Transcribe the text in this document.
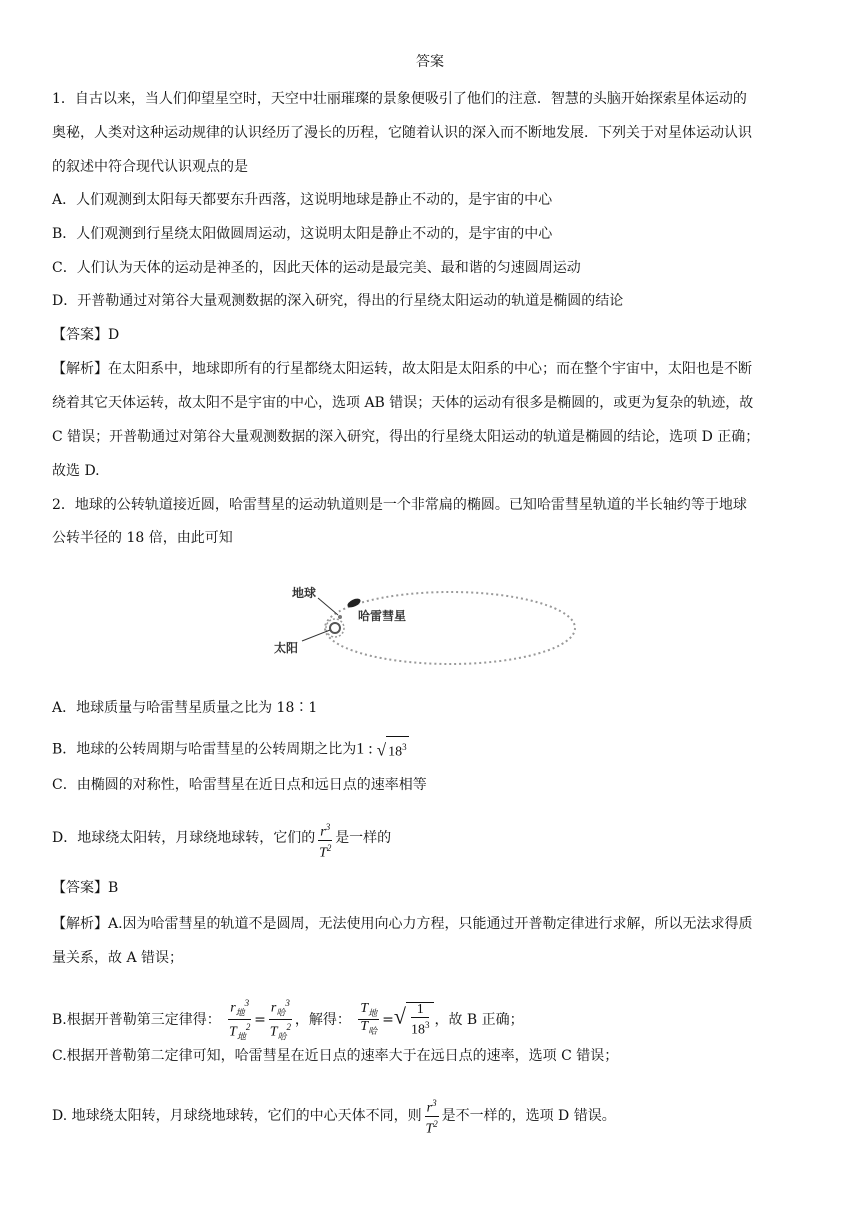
答案
1．自古以来，当人们仰望星空时，天空中壮丽璀璨的景象便吸引了他们的注意．智慧的头脑开始探索星体运动的
奥秘，人类对这种运动规律的认识经历了漫长的历程，它随着认识的深入而不断地发展．下列关于对星体运动认识
的叙述中符合现代认识观点的是
A．人们观测到太阳每天都要东升西落，这说明地球是静止不动的，是宇宙的中心
B．人们观测到行星绕太阳做圆周运动，这说明太阳是静止不动的，是宇宙的中心
C．人们认为天体的运动是神圣的，因此天体的运动是最完美、最和谐的匀速圆周运动
D．开普勒通过对第谷大量观测数据的深入研究，得出的行星绕太阳运动的轨道是椭圆的结论
【答案】D
【解析】在太阳系中，地球即所有的行星都绕太阳运转，故太阳是太阳系的中心；而在整个宇宙中，太阳也是不断
绕着其它天体运转，故太阳不是宇宙的中心，选项 AB 错误；天体的运动有很多是椭圆的，或更为复杂的轨迹，故
C 错误；开普勒通过对第谷大量观测数据的深入研究，得出的行星绕太阳运动的轨道是椭圆的结论，选项 D 正确；
故选 D.
2．地球的公转轨道接近圆，哈雷彗星的运动轨道则是一个非常扁的椭圆。已知哈雷彗星轨道的半长轴约等于地球
公转半径的 18 倍，由此可知
地球
哈雷彗星
太阳
A．地球质量与哈雷彗星质量之比为 18∶1
B．地球的公转周期与哈雷彗星的公转周期之比为1 : √ $18^3$
C．由椭圆的对称性，哈雷彗星在近日点和远日点的速率相等
D．地球绕太阳转，月球绕地球转，它们的 $\frac{r^3}{T^2}$ 是一样的
【答案】B
【解析】A.因为哈雷彗星的轨道不是圆周，无法使用向心力方程，只能通过开普勒定律进行求解，所以无法求得质
量关系，故 A 错误；
B.根据开普勒第三定律得： $\frac{r_地^3}{T_地^2} = \frac{r_哈^3}{T_哈^2}$ ，解得： $\frac{T_地}{T_哈}$ =√ $\frac{1}{18^3}$ ，故 B 正确；
C.根据开普勒第二定律可知，哈雷彗星在近日点的速率大于在远日点的速率，选项 C 错误；
D. 地球绕太阳转，月球绕地球转，它们的中心天体不同，则 $\frac{r^3}{T^2}$ 是不一样的，选项 D 错误。
